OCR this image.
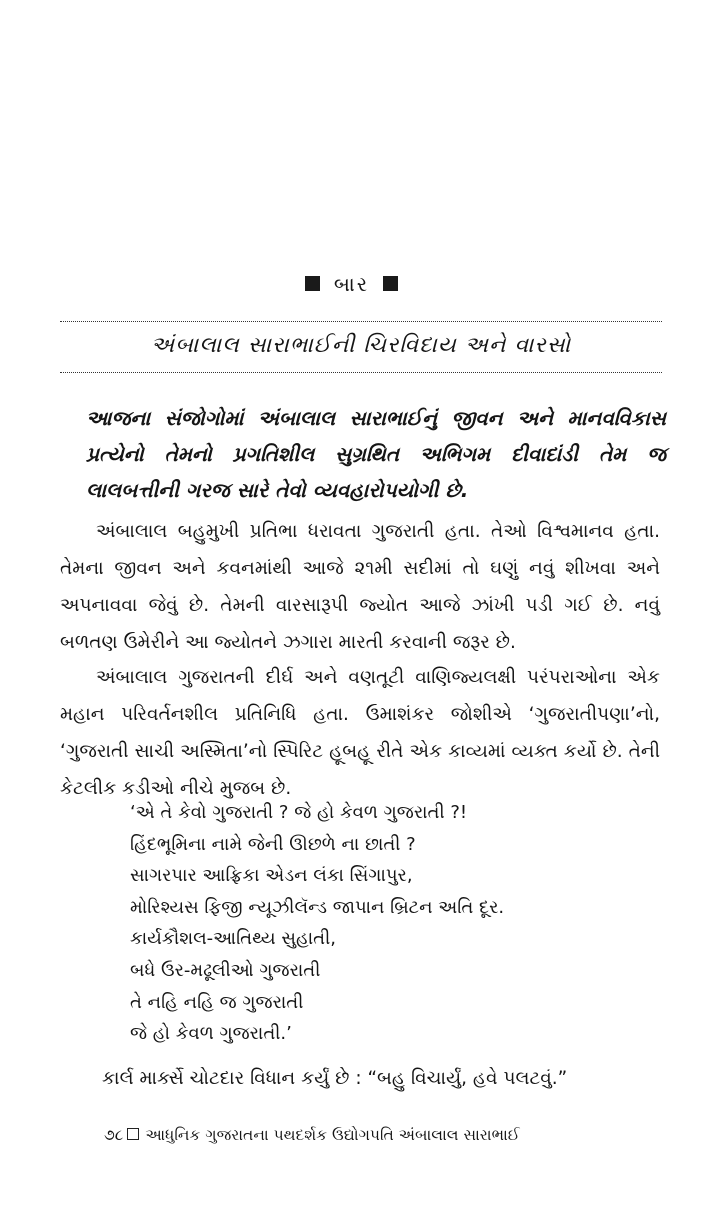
બાર
અંબાલાલ સારાભાઈની ચિરવિદાય અને વારસો
આજના સંજોગોમાં અંબાલાલ સારાભાઈનું જીવન અને માનવવિકાસ પ્રત્યેનો તેમનો પ્રગતિશીલ સુગ્રથિત અભિગમ દીવાદાંડી તેમ જ લાલબત્તીની ગરજ સારે તેવો વ્યવહારોપયોગી છે.
અંબાલાલ બહુમુખી પ્રતિભા ધરાવતા ગુજરાતી હતા. તેઓ વિશ્વમાનવ હતા. તેમના જીવન અને કવનમાંથી આજે ૨૧મી સદીમાં તો ઘણું નવું શીખવા અને અપનાવવા જેવું છે. તેમની વારસારૂપી જ્યોત આજે ઝાંખી પડી ગઈ છે. નવું બળતણ ઉમેરીને આ જ્યોતને ઝગારા મારતી કરવાની જરૂર છે.
અંબાલાલ ગુજરાતની દીર્ઘ અને વણતૂટી વાણિજ્યલક્ષી પરંપરાઓના એક મહાન પરિવર્તનશીલ પ્રતિનિધિ હતા. ઉમાશંકર જોશીએ ‘ગુજરાતીપણા’નો, ‘ગુજરાતી સાચી અસ્મિતા’નો સ્પિરિટ હૂબહૂ રીતે એક કાવ્યમાં વ્યક્ત કર્યો છે. તેની કેટલીક કડીઓ નીચે મુજબ છે.
‘એ તે કેવો ગુજરાતી ? જે હો કેવળ ગુજરાતી ?!
હિંદભૂમિના નામે જેની ઊછળે ના છાતી ?
સાગરપાર આફ્રિકા એડન લંકા સિંગાપુર,
મોરિશ્યસ ફિજી ન્યૂઝીલૅન્ડ જાપાન બ્રિટન અતિ દૂર.
કાર્યકૌશલ-આતિથ્ય સુહાતી,
બધે ઉર-મઢૂલીઓ ગુજરાતી
તે નહિ નહિ જ ગુજરાતી
જે હો કેવળ ગુજરાતી.’
કાર્લ માર્ક્સે ચોટદાર વિધાન કર્યું છે : “બહુ વિચાર્યું, હવે પલટવું.”
૭૮ આધુનિક ગુજરાતના પથદર્શક ઉદ્યોગપતિ અંબાલાલ સારાભાઈ
